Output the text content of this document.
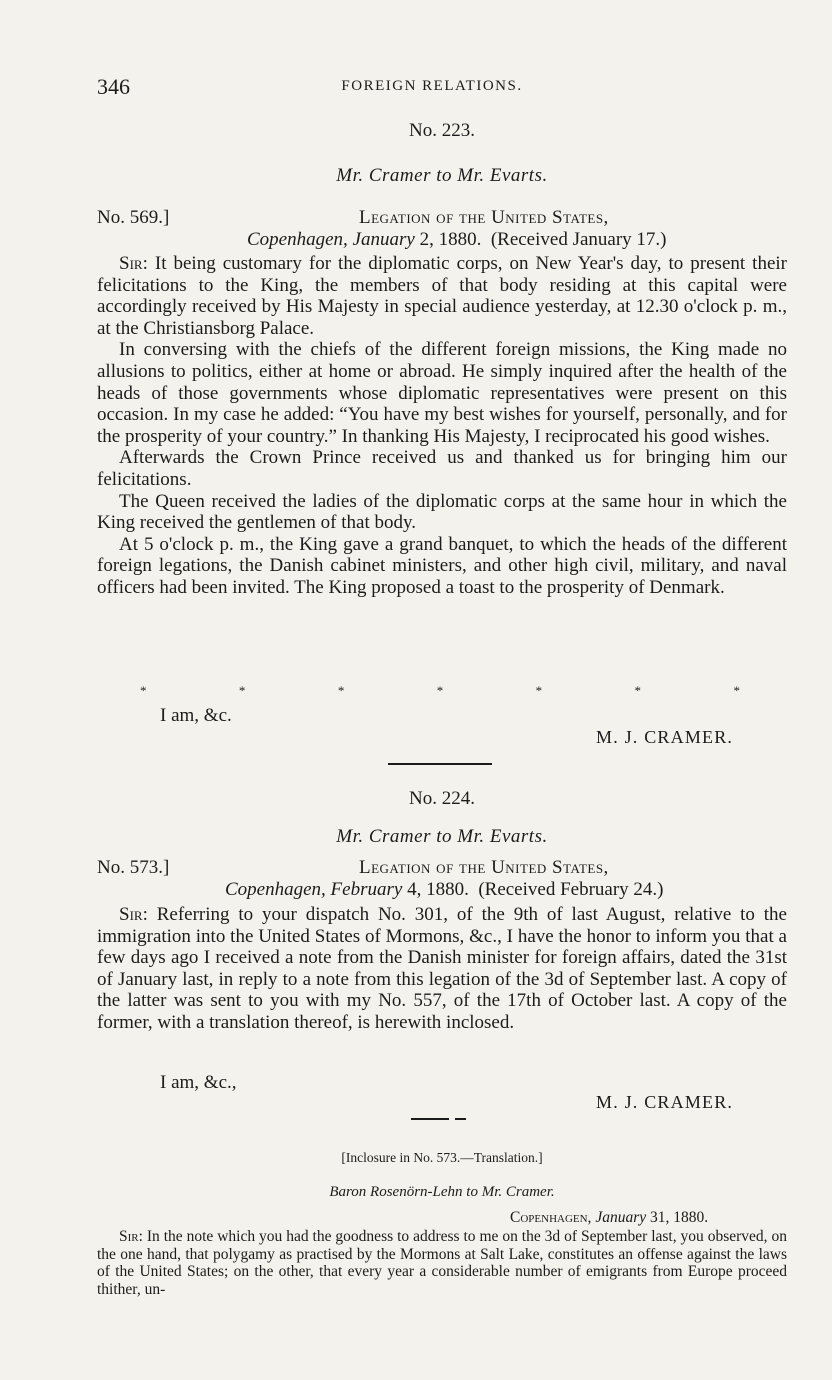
346	FOREIGN RELATIONS.
No. 223.
Mr. Cramer to Mr. Evarts.
No. 569.]	Legation of the United States,
Copenhagen, January 2, 1880. (Received January 17.)

Sir: It being customary for the diplomatic corps, on New Year's day, to present their felicitations to the King, the members of that body residing at this capital were accordingly received by His Majesty in special audience yesterday, at 12.30 o'clock p. m., at the Christiansborg Palace.

In conversing with the chiefs of the different foreign missions, the King made no allusions to politics, either at home or abroad. He simply inquired after the health of the heads of those governments whose diplomatic representatives were present on this occasion. In my case he added: “You have my best wishes for yourself, personally, and for the prosperity of your country.” In thanking His Majesty, I reciprocated his good wishes.

Afterwards the Crown Prince received us and thanked us for bringing him our felicitations.

The Queen received the ladies of the diplomatic corps at the same hour in which the King received the gentlemen of that body.

At 5 o'clock p. m., the King gave a grand banquet, to which the heads of the different foreign legations, the Danish cabinet ministers, and other high civil, military, and naval officers had been invited. The King proposed a toast to the prosperity of Denmark.

*	*	*	*	*	*	*
I am, &c.
M. J. CRAMER.
No. 224.
Mr. Cramer to Mr. Evarts.
No. 573.]	Legation of the United States,
Copenhagen, February 4, 1880. (Received February 24.)

Sir: Referring to your dispatch No. 301, of the 9th of last August, relative to the immigration into the United States of Mormons, &c., I have the honor to inform you that a few days ago I received a note from the Danish minister for foreign affairs, dated the 31st of January last, in reply to a note from this legation of the 3d of September last. A copy of the latter was sent to you with my No. 557, of the 17th of October last. A copy of the former, with a translation thereof, is herewith inclosed.

I am, &c.,
M. J. CRAMER.
[Inclosure in No. 573.—Translation.]
Baron Rosenörn-Lehn to Mr. Cramer.
Copenhagen, January 31, 1880.

Sir: In the note which you had the goodness to address to me on the 3d of September last, you observed, on the one hand, that polygamy as practised by the Mormons at Salt Lake, constitutes an offense against the laws of the United States; on the other, that every year a considerable number of emigrants from Europe proceed thither, un-
